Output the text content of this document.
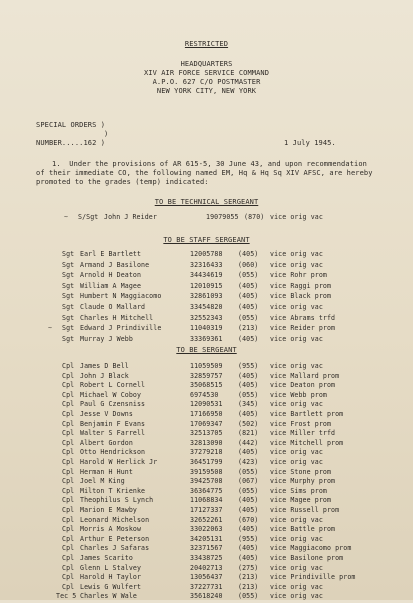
RESTRICTED
HEADQUARTERS
XIV AIR FORCE SERVICE COMMAND
A.P.O. 627 C/O POSTMASTER
NEW YORK CITY, NEW YORK
SPECIAL ORDERS )
)
NUMBER.....162 )	1 July 1945.
1.  Under the provisions of AR 615-5, 30 June 43, and upon recommendation
of their immediate CO, the following named EM, Hq & Hq Sq XIV AFSC, are hereby
promoted to the grades (temp) indicated:
TO BE TECHNICAL SERGEANT
~ S/Sgt John J Reider	19079055 (870) vice orig vac
TO BE STAFF SERGEANT
Sgt Earl E Bartlett	12005788 (405) vice orig vac
Sgt Armand J Basilone	32316433 (060) vice orig vac
Sgt Arnold H Deaton	34434619 (055) vice Rohr prom
Sgt William A Magee	12010915 (405) vice Raggi prom
Sgt Humbert N Maggiacomo	32861093 (405) vice Black prom
Sgt Claude O Mallard	33454820 (405) vice orig vac
Sgt Charles H Mitchell	32552343 (055) vice Abrams trfd
~ Sgt Edward J Prindiville	11040319 (213) vice Reider prom
Sgt Murray J Webb	33369361 (405) vice orig vac
TO BE SERGEANT
Cpl James D Bell	11059509 (955) vice orig vac
Cpl John J Black	32859757 (405) vice Mallard prom
Cpl Robert L Cornell	35068515 (405) vice Deaton prom
Cpl Michael W Coboy	6974530	(055) vice Webb prom
Cpl Paul G Czensniss	12090531 (345) vice orig vac
Cpl Jesse V Downs	17166950 (405) vice Bartlett prom
Cpl Benjamin F Evans	17069347 (502) vice Frost prom
Cpl Walter S Farrell	32513705 (821) vice Miller trfd
Cpl Albert Gordon	32813090 (442) vice Mitchell prom
Cpl Otto Hendrickson	37279218 (405) vice orig vac
Cpl Harold W Herlick Jr	36451799 (423) vice orig vac
Cpl Herman H Hunt	39159508 (055) vice Stone prom
Cpl Joel M King	39425708 (067) vice Murphy prom
Cpl Milton T Krienke	36364775 (055) vice Sims prom
Cpl Theophilus S Lynch	11068834 (405) vice Magee prom
Cpl Marion E Mawby	17127337 (405) vice Russell prom
Cpl Leonard Michelson	32652261 (670) vice orig vac
Cpl Morris A Moskow	33022063 (405) vice Battle prom
Cpl Arthur E Peterson	34205131 (955) vice orig vac
Cpl Charles J Safaras	32371567 (405) vice Maggiacomo prom
Cpl James Scarito	33438725 (405) vice Basilone prom
Cpl Glenn L Stalvey	20402713 (275) vice orig vac
Cpl Harold H Taylor	13056437 (213) vice Prindiville prom
Cpl Lewis G Wulfert	37227731 (213) vice orig vac
Tec 5 Charles W Wale	35618240 (055) vice orig vac
